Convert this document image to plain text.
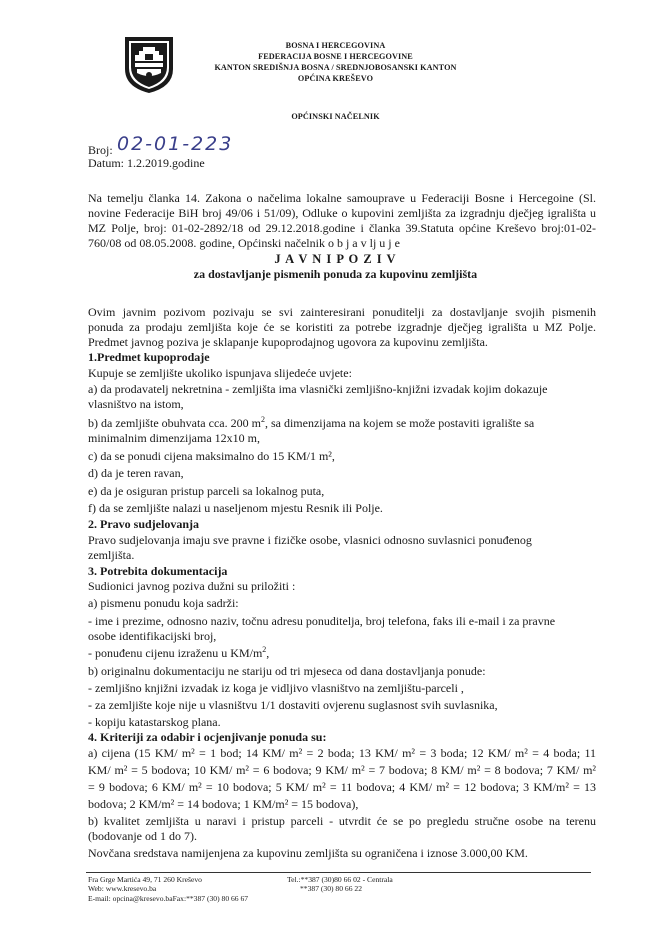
BOSNA I HERCEGOVINA
FEDERACIJA BOSNE I HERCEGOVINE
KANTON SREDIŠNJA BOSNA / SREDNJOBOSANSKI KANTON
OPĆINA KREŠEVO
OPĆINSKI NAČELNIK
Broj: 02-01-223
Datum: 1.2.2019.godine
Na temelju članka 14. Zakona o načelima lokalne samouprave u Federaciji Bosne i Hercegoine (Sl.
novine Federacije BiH broj 49/06 i 51/09), Odluke o kupovini zemljišta za izgradnju dječjeg igrališta u
MZ Polje, broj: 01-02-2892/18 od 29.12.2018.godine i članka 39.Statuta općine Kreševo broj:01-02-
760/08 od 08.05.2008. godine, Općinski načelnik o b j a v lj u j e
J A V N I P O Z I V
za dostavljanje pismenih ponuda za kupovinu zemljišta
Ovim javnim pozivom pozivaju se svi zainteresirani ponuditelji za dostavljanje svojih pismenih
ponuda za prodaju zemljišta koje će se koristiti za potrebe izgradnje dječjeg igrališta u MZ Polje.
Predmet javnog poziva je sklapanje kupoprodajnog ugovora za kupovinu zemljišta.
1.Predmet kupoprodaje
Kupuje se zemljište ukoliko ispunjava slijedeće uvjete:
a) da prodavatelj nekretnina - zemljišta ima vlasnički zemljišno-knjižni izvadak kojim dokazuje
vlasništvo na istom,
b) da zemljište obuhvata cca. 200 $m^2$, sa dimenzijama na kojem se može postaviti igralište sa
minimalnim dimenzijama 12x10 m,
c) da se ponudi cijena maksimalno do 15 KM/1 m²,
d) da je teren ravan,
e) da je osiguran pristup parceli sa lokalnog puta,
f) da se zemljište nalazi u naseljenom mjestu Resnik ili Polje.
2. Pravo sudjelovanja
Pravo sudjelovanja imaju sve pravne i fizičke osobe, vlasnici odnosno suvlasnici ponuđenog
zemljišta.
3. Potrebita dokumentacija
Sudionici javnog poziva dužni su priložiti :
a) pismenu ponudu koja sadrži:
- ime i prezime, odnosno naziv, točnu adresu ponuditelja, broj telefona, faks ili e-mail i za pravne
osobe identifikacijski broj,
- ponuđenu cijenu izraženu u $KM/m^2$,
b) originalnu dokumentaciju ne stariju od tri mjeseca od dana dostavljanja ponude:
- zemljišno knjižni izvadak iz koga je vidljivo vlasništvo na zemljištu-parceli ,
- za zemljište koje nije u vlasništvu 1/1 dostaviti ovjerenu suglasnost svih suvlasnika,
- kopiju katastarskog plana.
4. Kriteriji za odabir i ocjenjivanje ponuda su:
a) cijena (15 KM/ m² = 1 bod; 14 KM/ m² = 2 boda; 13 KM/ m² = 3 boda; 12 KM/ m² = 4 boda; 11
KM/ m² = 5 bodova; 10 KM/ m² = 6 bodova; 9 KM/ m² = 7 bodova; 8 KM/ m² = 8 bodova; 7 KM/ m²
= 9 bodova; 6 KM/ m² = 10 bodova; 5 KM/ m² = 11 bodova; 4 KM/ m² = 12 bodova; 3 KM/m² = 13
bodova; 2 KM/m² = 14 bodova; 1 KM/m² = 15 bodova),
b) kvalitet zemljišta u naravi i pristup parceli - utvrdit će se po pregledu stručne osobe na terenu
(bodovanje od 1 do 7).
Novčana sredstava namijenjena za kupovinu zemljišta su ograničena i iznose 3.000,00 KM.
Fra Grge Martića 49, 71 260 Kreševo
Web: www.kresevo.ba
E-mail: opcina@kresevo.baFax:**387 (30) 80 66 67
Tel.:**387 (30)80 66 02 - Centrala
**387 (30) 80 66 22
